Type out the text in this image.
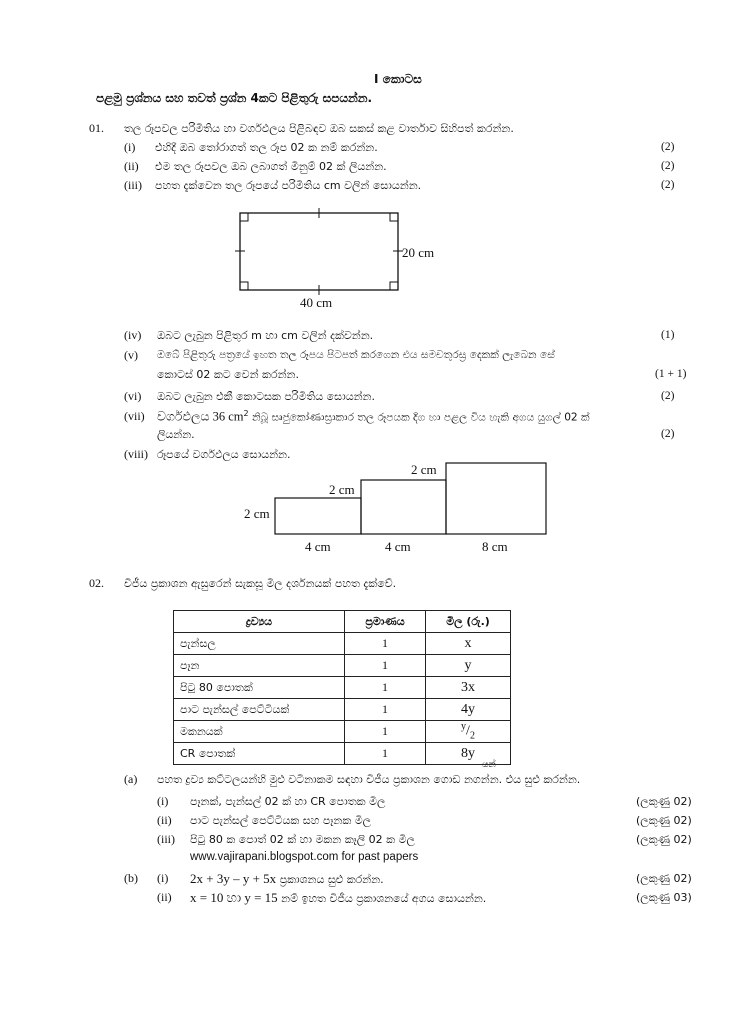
I කොටස
පළමු ප්‍රශ්නය සහ තවත් ප්‍රශ්න 4කට පිළිතුරු සපයන්න.
01. තල රූපවල පරිමිතිය හා වර්ගඵලය පිළිබඳව ඔබ සකස් කළ වාර්තාව සිහිපත් කරන්න.
(i) එහිදී ඔබ තෝරාගත් තල රූප 02 ක නම් කරන්න.	(2)
(ii) එම තල රූපවල ඔබ ලබාගත් මිනුම් 02 ක් ලියන්න.	(2)
(iii) පහත දැක්වෙන තල රූපයේ පරිමිතිය cm වලින් සොයන්න.	(2)
20 cm
40 cm
(iv) ඔබට ලැබුන පිළිතුර m හා cm වලින් දක්වන්න.	(1)
(v) ඔබේ පිළිතුරු පත්‍රයේ ඉහත තල රූපය පිටපත් කරගෙන එය සමචතුරස්‍ර දෙකක් ලැබෙන සේ
කොටස් 02 කට වෙන් කරන්න.	(1 + 1)
(vi) ඔබට ලැබුන එකී කොටසක පරිමිතිය සොයන්න.	(2)
(vii) වර්ගඵලය 36 $cm^2$ නිබූ සෘජුකෝණාස්‍රාකාර තල රූපයක දිග හා පළල විය හැකි අගය යුගල් 02 ක්
ලියන්න.	(2)
(viii) රූපයේ වර්ගඵලය සොයන්න.
2 cm
2 cm
2 cm
4 cm	4 cm	8 cm
02. විජීය ප්‍රකාශන ඇසුරෙන් සැකසූ මිල දර්ශනයක් පහත දැක්වේ.
ද්‍රව්‍යය	ප්‍රමාණය	මිල (රු.)
පැන්සල	1	x
පෑන	1	y
පිටු 80 පොතක්	1	3x
පාට පැන්සල් පෙට්ටියක්	1	4y
මකනයක්	1	$^y/_2$
CR පොතක්	1	8y
(a) පහත ද්‍රව්‍ය කට්ටලයන්හි මුළු වටිනාකම සඳහා විජීය ප්‍රකාශන ගොඩ නගන්න. එය සුළු කරන්න.
යන්
(i) පෑනක්, පැන්සල් 02 ක් හා CR පොතක මිල	(ලකුණු 02)
(ii) පාට පැන්සල් පෙට්ටියක සහ පෑනක මිල	(ලකුණු 02)
(iii) පිටු 80 ක පොත් 02 ක් හා මකන කෑලි 02 ක මිල	(ලකුණු 02)
www.vajirapani.blogspot.com for past papers
(b) (i) 2x + 3y – y + 5x ප්‍රකාශනය සුළු කරන්න.	(ලකුණු 02)
(ii) x = 10 හා y = 15 නම් ඉහත විජීය ප්‍රකාශනයේ අගය සොයන්න.	(ලකුණු 03)
